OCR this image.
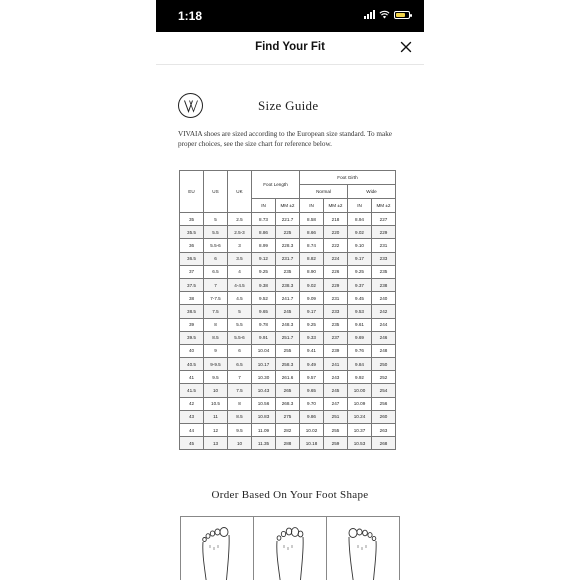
1:18
Find Your Fit
Size Guide
VIVAIA shoes are sized according to the European size standard. To make proper choices, see the size chart for reference below.
EU	US	UK	Foot Length		Foot Girth			
					Normal		Wide	
			IN	MM ±2	IN	MM ±2	IN	MM ±2
35	5	2.5	8.73	221.7	8.58	218	8.94	227
35.5	5.5	2.5-3	8.86	225	8.66	220	9.02	229
36	5.5-6	3	8.99	228.3	8.74	222	9.10	231
36.5	6	3.5	9.12	231.7	8.82	224	9.17	233
37	6.5	4	9.25	235	8.90	226	9.25	235
37.5	7	4-4.5	9.38	238.3	9.02	229	9.37	238
38	7-7.5	4.5	9.52	241.7	9.09	231	9.45	240
38.5	7.5	5	9.65	245	9.17	233	9.53	242
39	8	5.5	9.78	248.3	9.25	235	9.61	244
39.5	8.5	5.5-6	9.91	251.7	9.33	237	9.69	246
40	9	6	10.04	255	9.41	239	9.76	248
40.5	9-9.5	6.5	10.17	258.3	9.49	241	9.84	250
41	9.5	7	10.30	261.6	9.57	243	9.92	252
41.5	10	7.5	10.43	265	9.65	245	10.00	254
42	10.5	8	10.56	268.3	9.70	247	10.09	256
43	11	8.5	10.83	275	9.86	251	10.24	260
44	12	9.5	11.09	282	10.02	255	10.37	263
45	13	10	11.35	288	10.18	259	10.53	268
Order Based On Your Foot Shape
